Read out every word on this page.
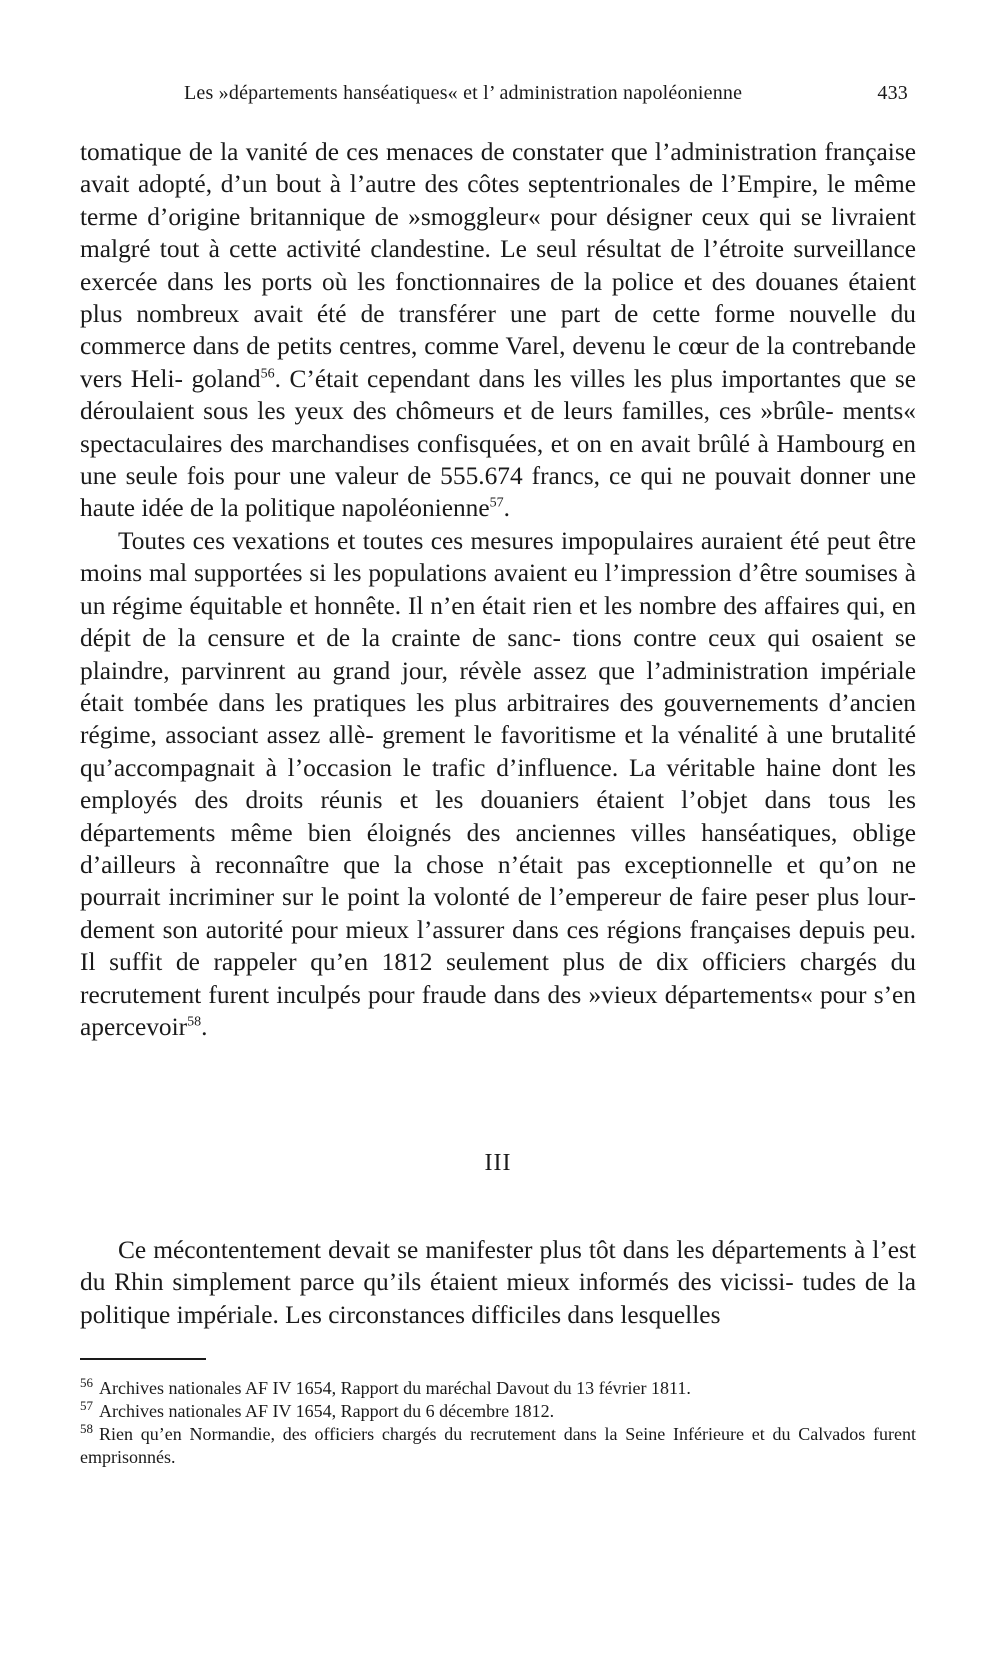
Les »départements hanséatiques« et l’ administration napoléonienne	433

tomatique de la vanité de ces menaces de constater que l’administration française avait adopté, d’un bout à l’autre des côtes septentrionales de l’Empire, le même terme d’origine britannique de »smoggleur« pour désigner ceux qui se livraient malgré tout à cette activité clandestine. Le seul résultat de l’étroite surveillance exercée dans les ports où les fonctionnaires de la police et des douanes étaient plus nombreux avait été de transférer une part de cette forme nouvelle du commerce dans de petits centres, comme Varel, devenu le cœur de la contrebande vers Heli- goland$^{56}$. C’était cependant dans les villes les plus importantes que se déroulaient sous les yeux des chômeurs et de leurs familles, ces »brûle- ments« spectaculaires des marchandises confisquées, et on en avait brûlé à Hambourg en une seule fois pour une valeur de 555.674 francs, ce qui ne pouvait donner une haute idée de la politique napoléonienne$^{57}$.

Toutes ces vexations et toutes ces mesures impopulaires auraient été peut être moins mal supportées si les populations avaient eu l’impression d’être soumises à un régime équitable et honnête. Il n’en était rien et les nombre des affaires qui, en dépit de la censure et de la crainte de sanc- tions contre ceux qui osaient se plaindre, parvinrent au grand jour, révèle assez que l’administration impériale était tombée dans les pratiques les plus arbitraires des gouvernements d’ancien régime, associant assez allè- grement le favoritisme et la vénalité à une brutalité qu’accompagnait à l’occasion le trafic d’influence. La véritable haine dont les employés des droits réunis et les douaniers étaient l’objet dans tous les départements même bien éloignés des anciennes villes hanséatiques, oblige d’ailleurs à reconnaître que la chose n’était pas exceptionnelle et qu’on ne pourrait incriminer sur le point la volonté de l’empereur de faire peser plus lour- dement son autorité pour mieux l’assurer dans ces régions françaises depuis peu. Il suffit de rappeler qu’en 1812 seulement plus de dix officiers chargés du recrutement furent inculpés pour fraude dans des »vieux départements« pour s’en apercevoir$^{58}$.

III
Ce mécontentement devait se manifester plus tôt dans les départements à l’est du Rhin simplement parce qu’ils étaient mieux informés des vicissi- tudes de la politique impériale. Les circonstances difficiles dans lesquelles

$^{56}$ Archives nationales AF IV 1654, Rapport du maréchal Davout du 13 février 1811.

$^{57}$ Archives nationales AF IV 1654, Rapport du 6 décembre 1812.

$^{58}$ Rien qu’en Normandie, des officiers chargés du recrutement dans la Seine Inférieure et du Calvados furent emprisonnés.
